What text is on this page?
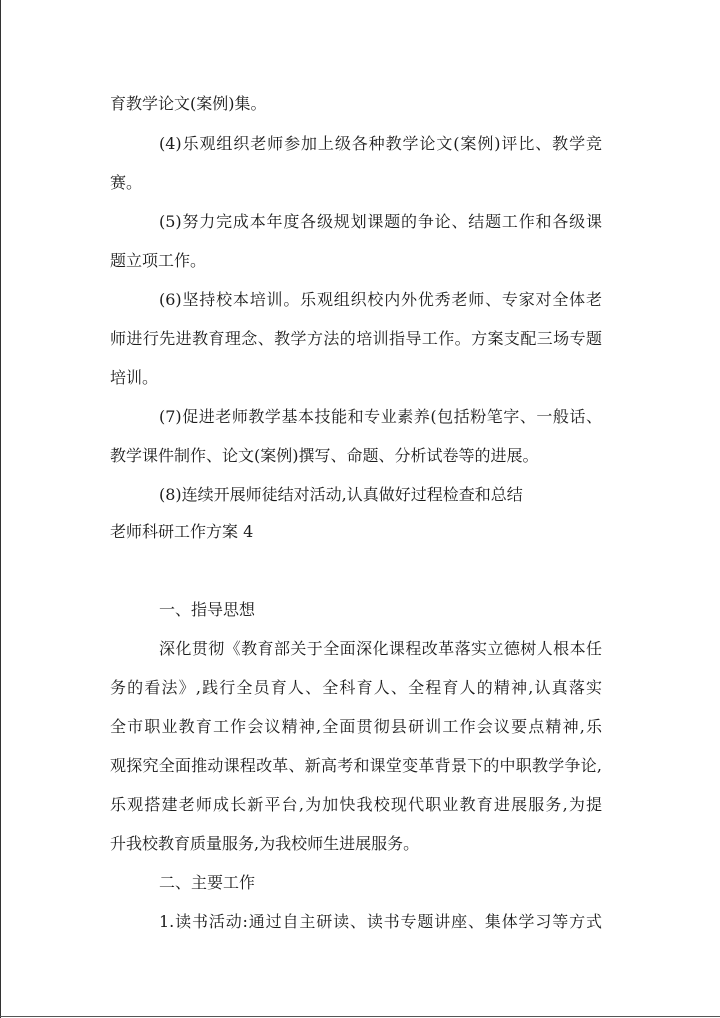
育教学论文(案例)集。
(4)乐观组织老师参加上级各种教学论文(案例)评比、教学竞
赛。
(5)努力完成本年度各级规划课题的争论、结题工作和各级课
题立项工作。
(6)坚持校本培训。乐观组织校内外优秀老师、专家对全体老
师进行先进教育理念、教学方法的培训指导工作。方案支配三场专题
培训。
(7)促进老师教学基本技能和专业素养(包括粉笔字、一般话、
教学课件制作、论文(案例)撰写、命题、分析试卷等的进展。
(8)连续开展师徒结对活动,认真做好过程检查和总结
老师科研工作方案 4
一、指导思想
深化贯彻《教育部关于全面深化课程改革落实立德树人根本任
务的看法》,践行全员育人、全科育人、全程育人的精神,认真落实
全市职业教育工作会议精神,全面贯彻县研训工作会议要点精神,乐
观探究全面推动课程改革、新高考和课堂变革背景下的中职教学争论,
乐观搭建老师成长新平台,为加快我校现代职业教育进展服务,为提
升我校教育质量服务,为我校师生进展服务。
二、主要工作
1.读书活动:通过自主研读、读书专题讲座、集体学习等方式
